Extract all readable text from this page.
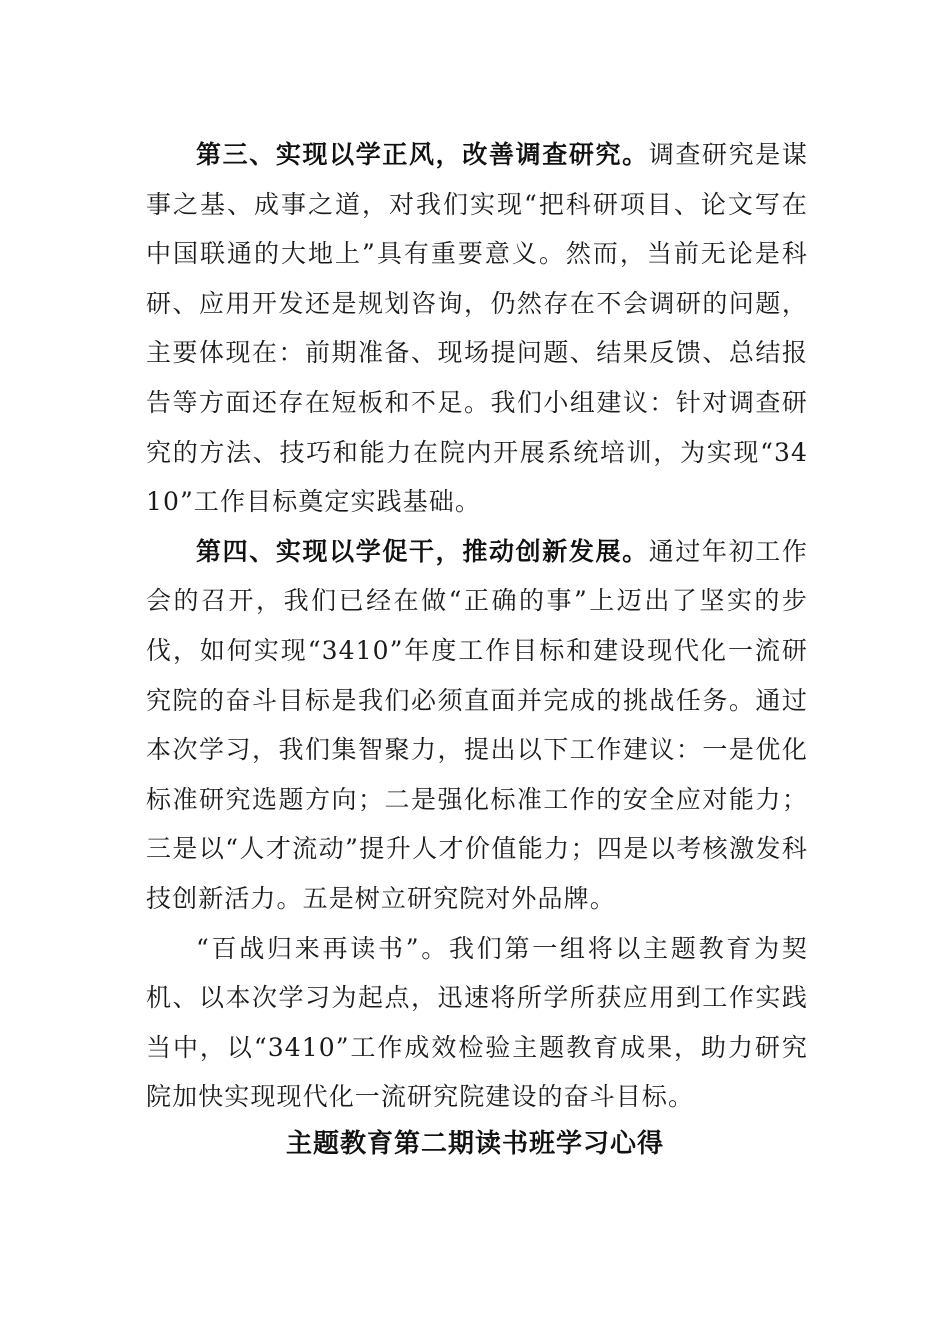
第三、实现以学正风，改善调查研究。调查研究是谋事之基、成事之道，对我们实现“把科研项目、论文写在中国联通的大地上”具有重要意义。然而，当前无论是科研、应用开发还是规划咨询，仍然存在不会调研的问题，主要体现在：前期准备、现场提问题、结果反馈、总结报告等方面还存在短板和不足。我们小组建议：针对调查研究的方法、技巧和能力在院内开展系统培训，为实现“3410”工作目标奠定实践基础。

第四、实现以学促干，推动创新发展。通过年初工作会的召开，我们已经在做“正确的事”上迈出了坚实的步伐，如何实现“3410”年度工作目标和建设现代化一流研究院的奋斗目标是我们必须直面并完成的挑战任务。通过本次学习，我们集智聚力，提出以下工作建议：一是优化标准研究选题方向；二是强化标准工作的安全应对能力；三是以“人才流动”提升人才价值能力；四是以考核激发科技创新活力。五是树立研究院对外品牌。

“百战归来再读书”。我们第一组将以主题教育为契机、以本次学习为起点，迅速将所学所获应用到工作实践当中，以“3410”工作成效检验主题教育成果，助力研究院加快实现现代化一流研究院建设的奋斗目标。

主题教育第二期读书班学习心得
